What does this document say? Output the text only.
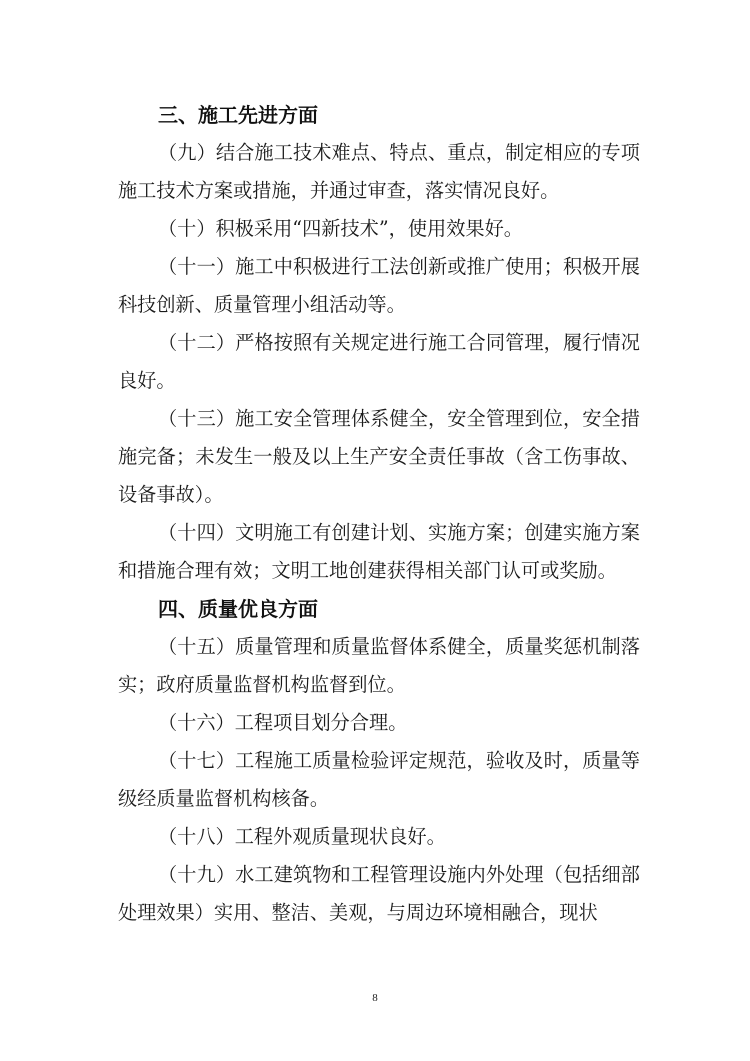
三、施工先进方面

（九）结合施工技术难点、特点、重点，制定相应的专项施工技术方案或措施，并通过审查，落实情况良好。

（十）积极采用“四新技术”，使用效果好。

（十一）施工中积极进行工法创新或推广使用；积极开展科技创新、质量管理小组活动等。

（十二）严格按照有关规定进行施工合同管理，履行情况良好。

（十三）施工安全管理体系健全，安全管理到位，安全措施完备；未发生一般及以上生产安全责任事故（含工伤事故、设备事故）。

（十四）文明施工有创建计划、实施方案；创建实施方案和措施合理有效；文明工地创建获得相关部门认可或奖励。

四、质量优良方面

（十五）质量管理和质量监督体系健全，质量奖惩机制落实；政府质量监督机构监督到位。

（十六）工程项目划分合理。

（十七）工程施工质量检验评定规范，验收及时，质量等级经质量监督机构核备。

（十八）工程外观质量现状良好。

（十九）水工建筑物和工程管理设施内外处理（包括细部处理效果）实用、整洁、美观，与周边环境相融合，现状

8
